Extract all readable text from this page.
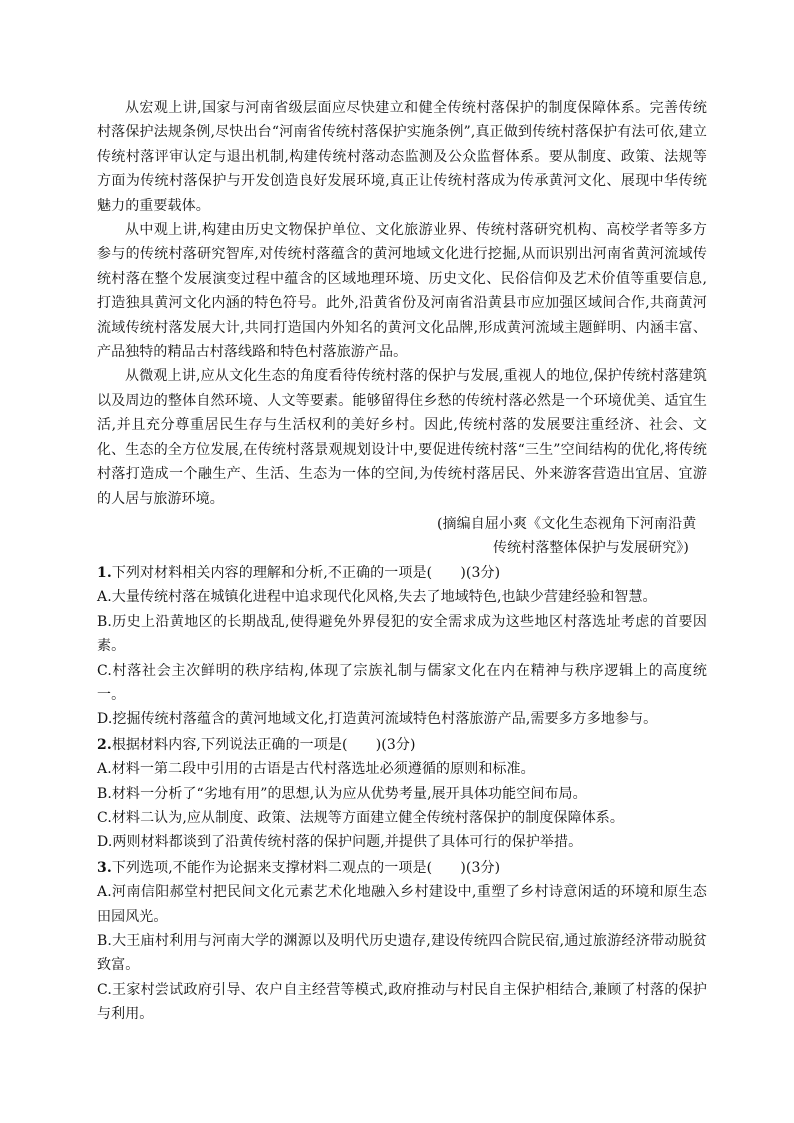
从宏观上讲,国家与河南省级层面应尽快建立和健全传统村落保护的制度保障体系。完善传统村落保护法规条例,尽快出台“河南省传统村落保护实施条例”,真正做到传统村落保护有法可依,建立传统村落评审认定与退出机制,构建传统村落动态监测及公众监督体系。要从制度、政策、法规等方面为传统村落保护与开发创造良好发展环境,真正让传统村落成为传承黄河文化、展现中华传统魅力的重要载体。

从中观上讲,构建由历史文物保护单位、文化旅游业界、传统村落研究机构、高校学者等多方参与的传统村落研究智库,对传统村落蕴含的黄河地域文化进行挖掘,从而识别出河南省黄河流域传统村落在整个发展演变过程中蕴含的区域地理环境、历史文化、民俗信仰及艺术价值等重要信息,打造独具黄河文化内涵的特色符号。此外,沿黄省份及河南省沿黄县市应加强区域间合作,共商黄河流域传统村落发展大计,共同打造国内外知名的黄河文化品牌,形成黄河流域主题鲜明、内涵丰富、产品独特的精品古村落线路和特色村落旅游产品。

从微观上讲,应从文化生态的角度看待传统村落的保护与发展,重视人的地位,保护传统村落建筑以及周边的整体自然环境、人文等要素。能够留得住乡愁的传统村落必然是一个环境优美、适宜生活,并且充分尊重居民生存与生活权利的美好乡村。因此,传统村落的发展要注重经济、社会、文化、生态的全方位发展,在传统村落景观规划设计中,要促进传统村落“三生”空间结构的优化,将传统村落打造成一个融生产、生活、生态为一体的空间,为传统村落居民、外来游客营造出宜居、宜游的人居与旅游环境。

(摘编自屈小爽《文化生态视角下河南沿黄
传统村落整体保护与发展研究》)
1.下列对材料相关内容的理解和分析,不正确的一项是(　　)(3分)
A.大量传统村落在城镇化进程中追求现代化风格,失去了地域特色,也缺少营建经验和智慧。
B.历史上沿黄地区的长期战乱,使得避免外界侵犯的安全需求成为这些地区村落选址考虑的首要因素。
C.村落社会主次鲜明的秩序结构,体现了宗族礼制与儒家文化在内在精神与秩序逻辑上的高度统一。
D.挖掘传统村落蕴含的黄河地域文化,打造黄河流域特色村落旅游产品,需要多方多地参与。
2.根据材料内容,下列说法正确的一项是(　　)(3分)
A.材料一第二段中引用的古语是古代村落选址必须遵循的原则和标准。
B.材料一分析了“劣地有用”的思想,认为应从优势考量,展开具体功能空间布局。
C.材料二认为,应从制度、政策、法规等方面建立健全传统村落保护的制度保障体系。
D.两则材料都谈到了沿黄传统村落的保护问题,并提供了具体可行的保护举措。
3.下列选项,不能作为论据来支撑材料二观点的一项是(　　)(3分)
A.河南信阳郝堂村把民间文化元素艺术化地融入乡村建设中,重塑了乡村诗意闲适的环境和原生态田园风光。
B.大王庙村利用与河南大学的渊源以及明代历史遗存,建设传统四合院民宿,通过旅游经济带动脱贫致富。
C.王家村尝试政府引导、农户自主经营等模式,政府推动与村民自主保护相结合,兼顾了村落的保护与利用。
